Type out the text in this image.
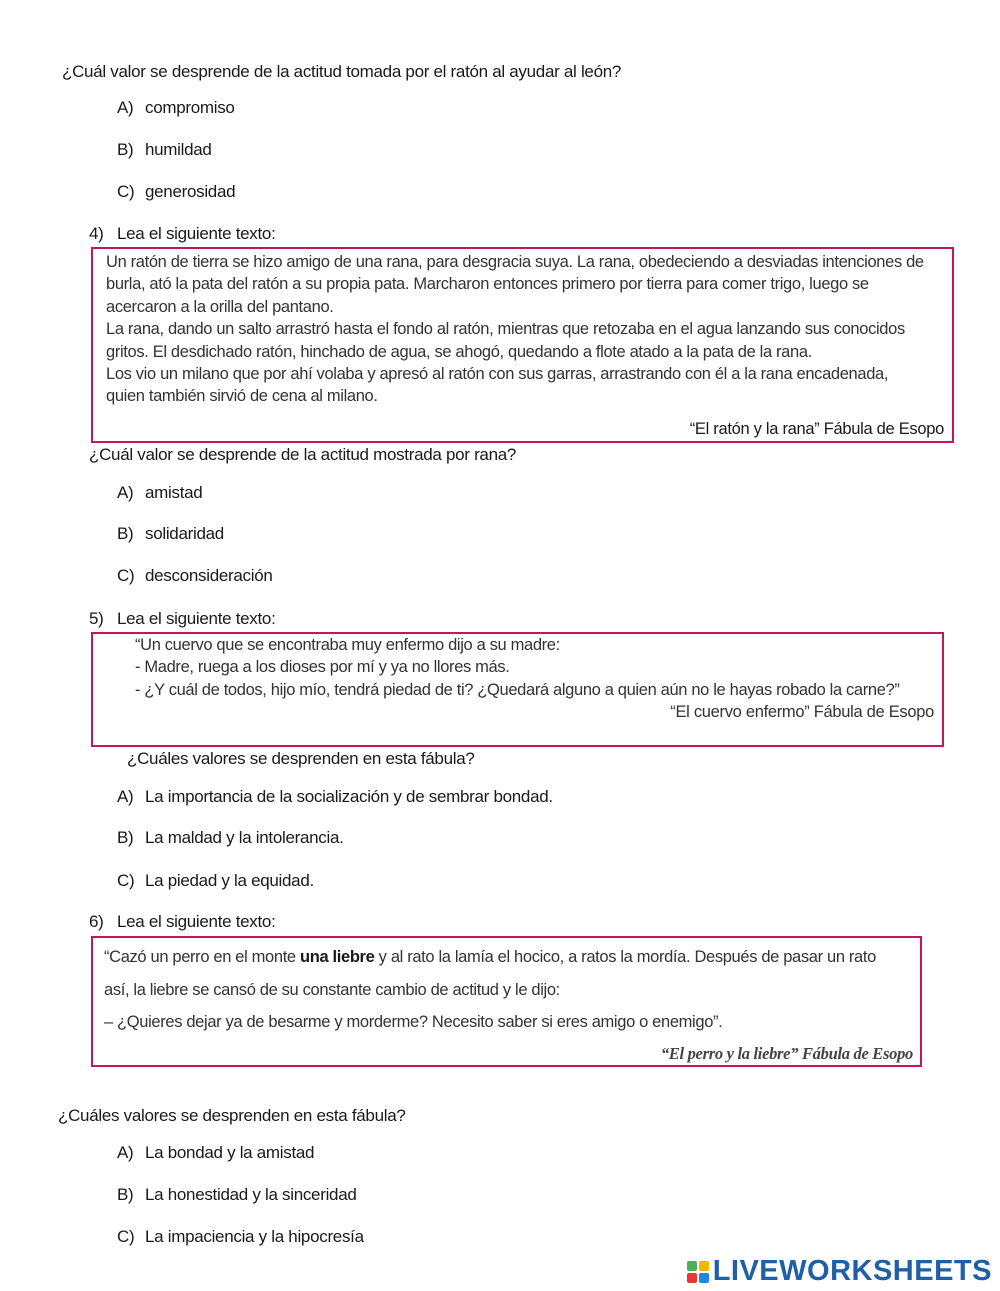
¿Cuál valor se desprende de la actitud tomada por el ratón al ayudar al león?
A) compromiso
B) humildad
C) generosidad
4) Lea el siguiente texto:
Un ratón de tierra se hizo amigo de una rana, para desgracia suya. La rana, obedeciendo a desviadas intenciones de
burla, ató la pata del ratón a su propia pata. Marcharon entonces primero por tierra para comer trigo, luego se
acercaron a la orilla del pantano.
La rana, dando un salto arrastró hasta el fondo al ratón, mientras que retozaba en el agua lanzando sus conocidos
gritos. El desdichado ratón, hinchado de agua, se ahogó, quedando a flote atado a la pata de la rana.
Los vio un milano que por ahí volaba y apresó al ratón con sus garras, arrastrando con él a la rana encadenada,
quien también sirvió de cena al milano.
“El ratón y la rana” Fábula de Esopo
¿Cuál valor se desprende de la actitud mostrada por rana?
A) amistad
B) solidaridad
C) desconsideración
5) Lea el siguiente texto:
“Un cuervo que se encontraba muy enfermo dijo a su madre:
- Madre, ruega a los dioses por mí y ya no llores más.
- ¿Y cuál de todos, hijo mío, tendrá piedad de ti? ¿Quedará alguno a quien aún no le hayas robado la carne?”
“El cuervo enfermo” Fábula de Esopo
¿Cuáles valores se desprenden en esta fábula?
A) La importancia de la socialización y de sembrar bondad.
B) La maldad y la intolerancia.
C) La piedad y la equidad.
6) Lea el siguiente texto:
“Cazó un perro en el monte una liebre y al rato la lamía el hocico, a ratos la mordía. Después de pasar un rato
así, la liebre se cansó de su constante cambio de actitud y le dijo:
– ¿Quieres dejar ya de besarme y morderme? Necesito saber si eres amigo o enemigo”.
“El perro y la liebre” Fábula de Esopo
¿Cuáles valores se desprenden en esta fábula?
A) La bondad y la amistad
B) La honestidad y la sinceridad
C) La impaciencia y la hipocresía
LIVEWORKSHEETS
